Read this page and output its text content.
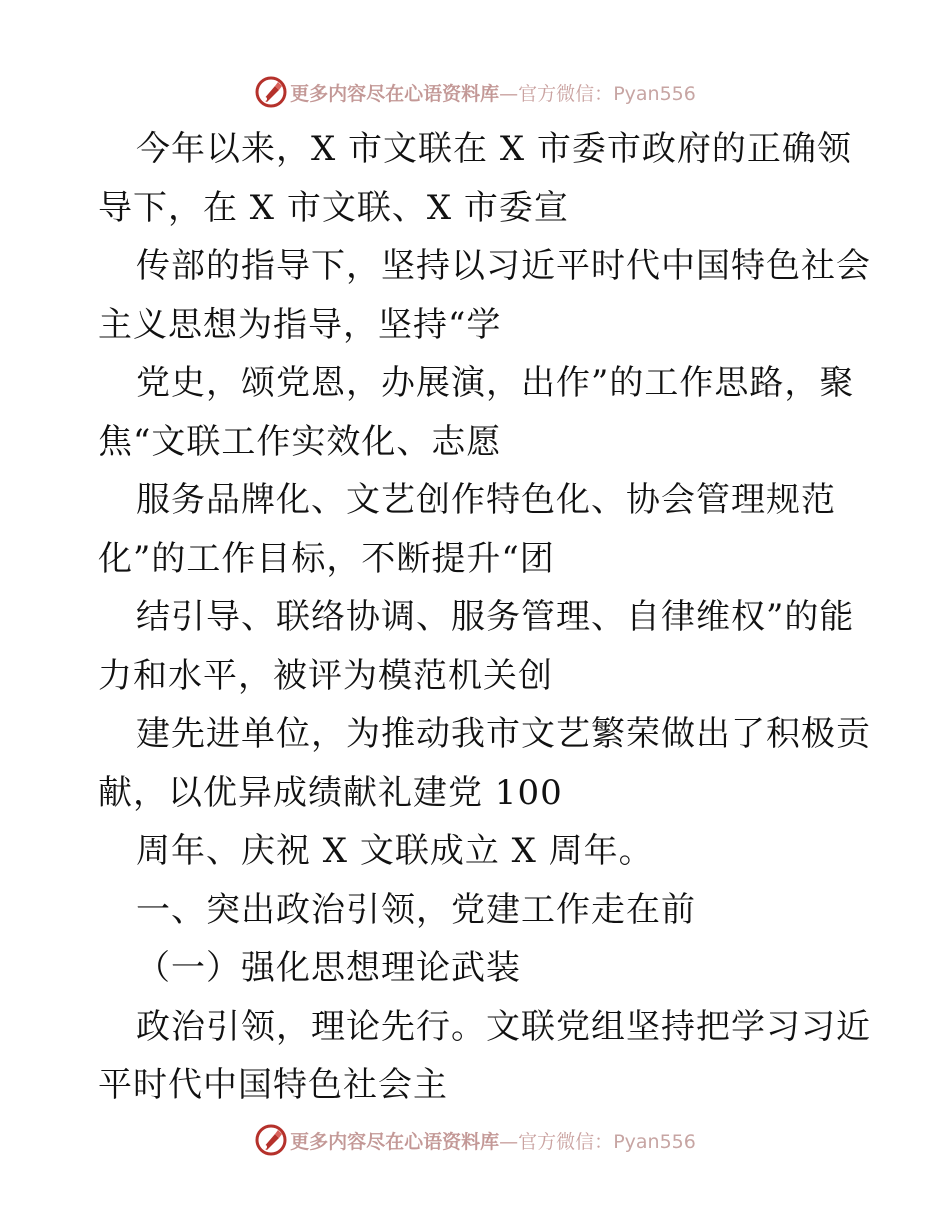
更多内容尽在心语资料库—官方微信：Pyan556
今年以来，X 市文联在 X 市委市政府的正确领
导下，在 X 市文联、X 市委宣
传部的指导下，坚持以习近平时代中国特色社会
主义思想为指导，坚持“学
党史，颂党恩，办展演，出作”的工作思路，聚
焦“文联工作实效化、志愿
服务品牌化、文艺创作特色化、协会管理规范
化”的工作目标，不断提升“团
结引导、联络协调、服务管理、自律维权”的能
力和水平，被评为模范机关创
建先进单位，为推动我市文艺繁荣做出了积极贡
献，以优异成绩献礼建党 100
周年、庆祝 X 文联成立 X 周年。
一、突出政治引领，党建工作走在前
（一）强化思想理论武装
政治引领，理论先行。文联党组坚持把学习习近
平时代中国特色社会主
更多内容尽在心语资料库—官方微信：Pyan556
